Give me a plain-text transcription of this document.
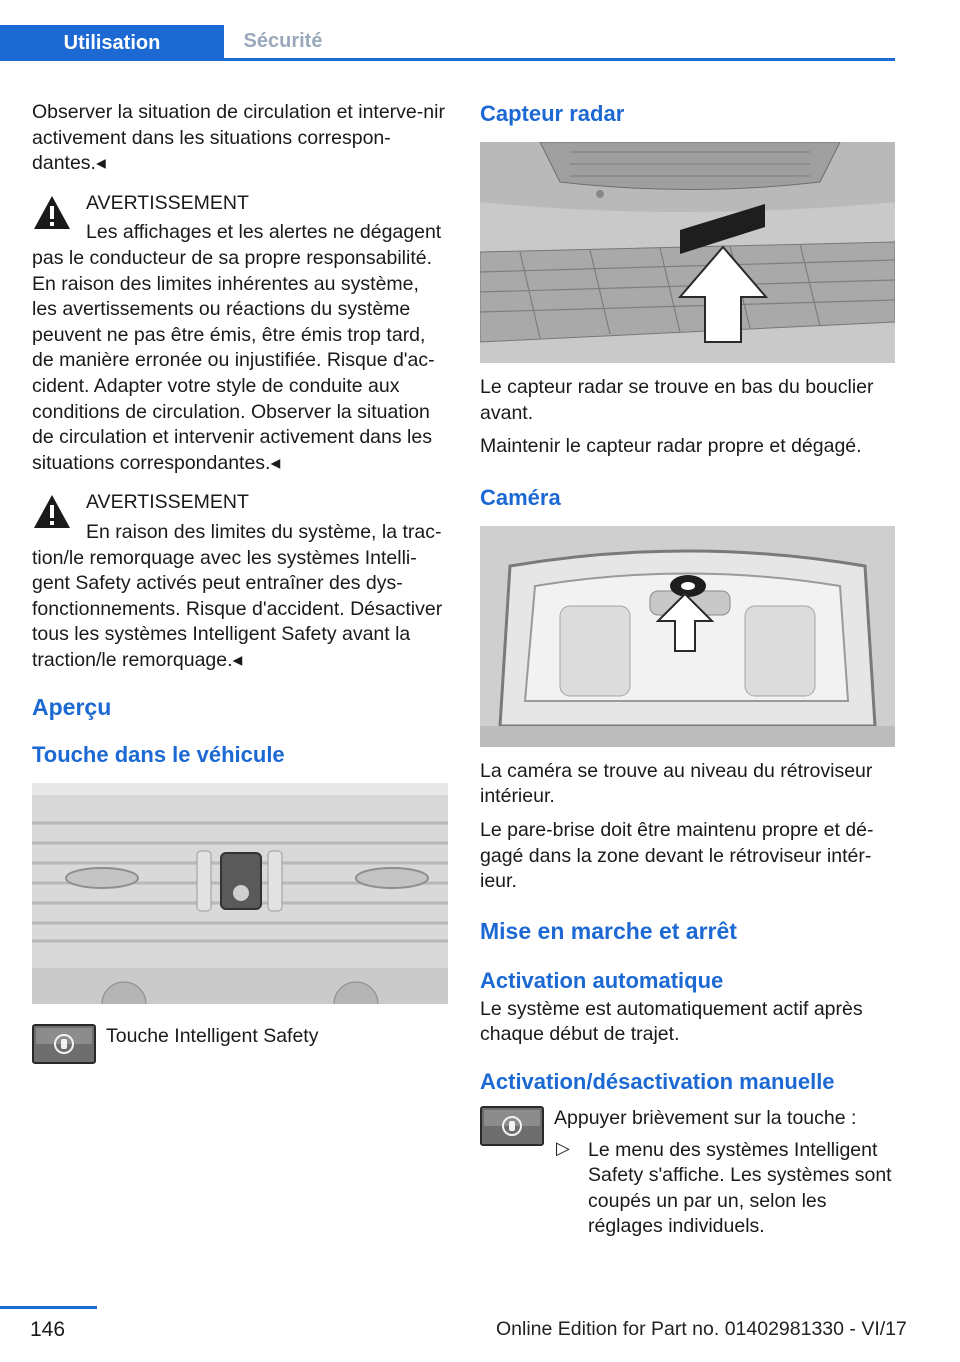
Utilisation	Sécurité

Observer la situation de circulation et interve-nir activement dans les situations correspon-dantes.◂

AVERTISSEMENT

Les affichages et les alertes ne dégagent

pas le conducteur de sa propre responsabilité. En raison des limites inhérentes au système, les avertissements ou réactions du système peuvent ne pas être émis, être émis trop tard, de manière erronée ou injustifiée. Risque d'ac-cident. Adapter votre style de conduite aux conditions de circulation. Observer la situation de circulation et intervenir activement dans les situations correspondantes.◂

AVERTISSEMENT

En raison des limites du système, la trac-

tion/le remorquage avec les systèmes Intelli-gent Safety activés peut entraîner des dys-fonctionnements. Risque d'accident. Désactiver tous les systèmes Intelligent Safety avant la traction/le remorquage.◂

Aperçu
Touche dans le véhicule

Touche Intelligent Safety

Capteur radar

Le capteur radar se trouve en bas du bouclier avant.

Maintenir le capteur radar propre et dégagé.

Caméra

La caméra se trouve au niveau du rétroviseur intérieur.

Le pare-brise doit être maintenu propre et dé-gagé dans la zone devant le rétroviseur intér-ieur.

Mise en marche et arrêt
Activation automatique

Le système est automatiquement actif après chaque début de trajet.

Activation/désactivation manuelle

Appuyer brièvement sur la touche :

▷ Le menu des systèmes Intelligent Safety s'affiche. Les systèmes sont coupés un par un, selon les réglages individuels.

146	Online Edition for Part no. 01402981330 - VI/17
